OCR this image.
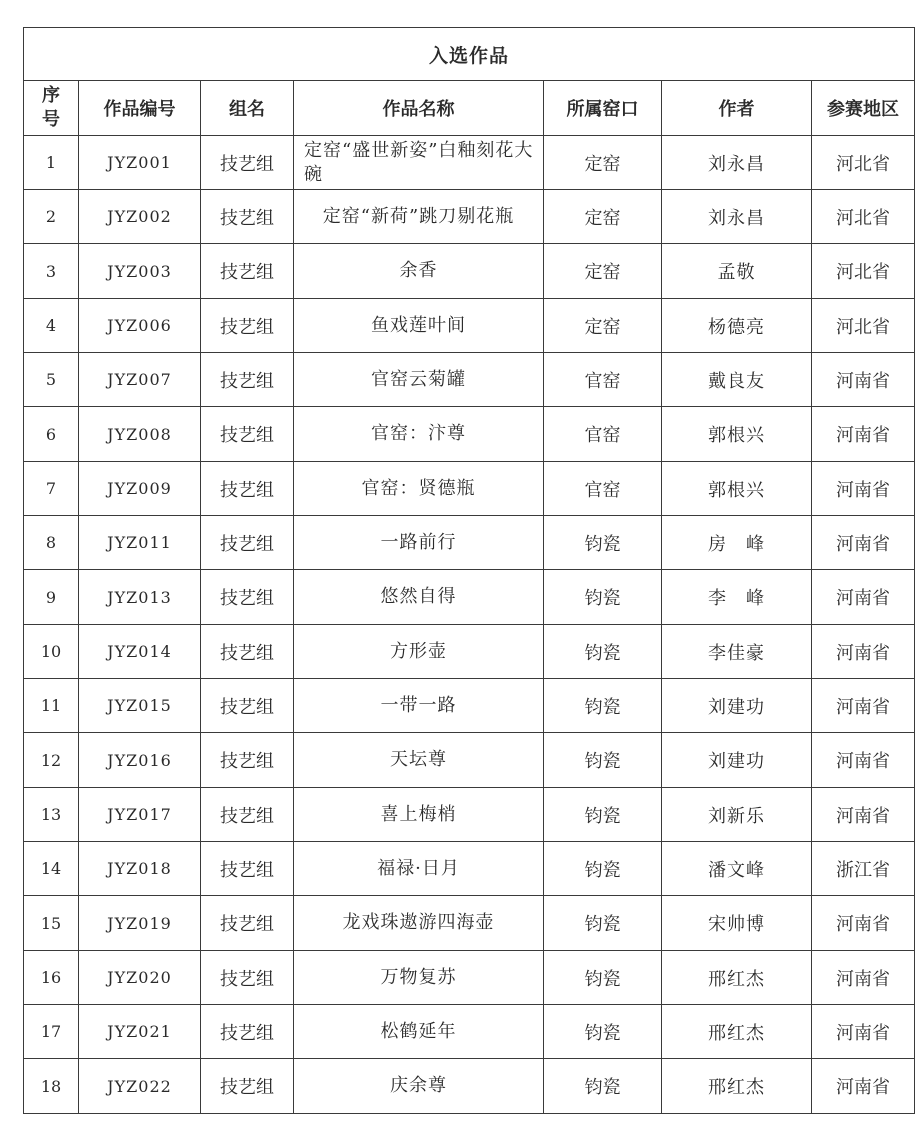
入选作品						

序
号	作品编号	组名	作品名称	所属窑口	作者	参赛地区
1	JYZ001	技艺组	定窑“盛世新姿”白釉刻花大碗	定窑	刘永昌	河北省
2	JYZ002	技艺组	定窑“新荷”跳刀剔花瓶	定窑	刘永昌	河北省
3	JYZ003	技艺组	余香	定窑	孟敬	河北省
4	JYZ006	技艺组	鱼戏莲叶间	定窑	杨德亮	河北省
5	JYZ007	技艺组	官窑云菊罐	官窑	戴良友	河南省
6	JYZ008	技艺组	官窑：汴尊	官窑	郭根兴	河南省
7	JYZ009	技艺组	官窑：贤德瓶	官窑	郭根兴	河南省
8	JYZ011	技艺组	一路前行	钧瓷	房　峰	河南省
9	JYZ013	技艺组	悠然自得	钧瓷	李　峰	河南省
10	JYZ014	技艺组	方形壶	钧瓷	李佳豪	河南省
11	JYZ015	技艺组	一带一路	钧瓷	刘建功	河南省
12	JYZ016	技艺组	天坛尊	钧瓷	刘建功	河南省
13	JYZ017	技艺组	喜上梅梢	钧瓷	刘新乐	河南省
14	JYZ018	技艺组	福禄·日月	钧瓷	潘文峰	浙江省
15	JYZ019	技艺组	龙戏珠遨游四海壶	钧瓷	宋帅博	河南省
16	JYZ020	技艺组	万物复苏	钧瓷	邢红杰	河南省
17	JYZ021	技艺组	松鹤延年	钧瓷	邢红杰	河南省
18	JYZ022	技艺组	庆余尊	钧瓷	邢红杰	河南省
